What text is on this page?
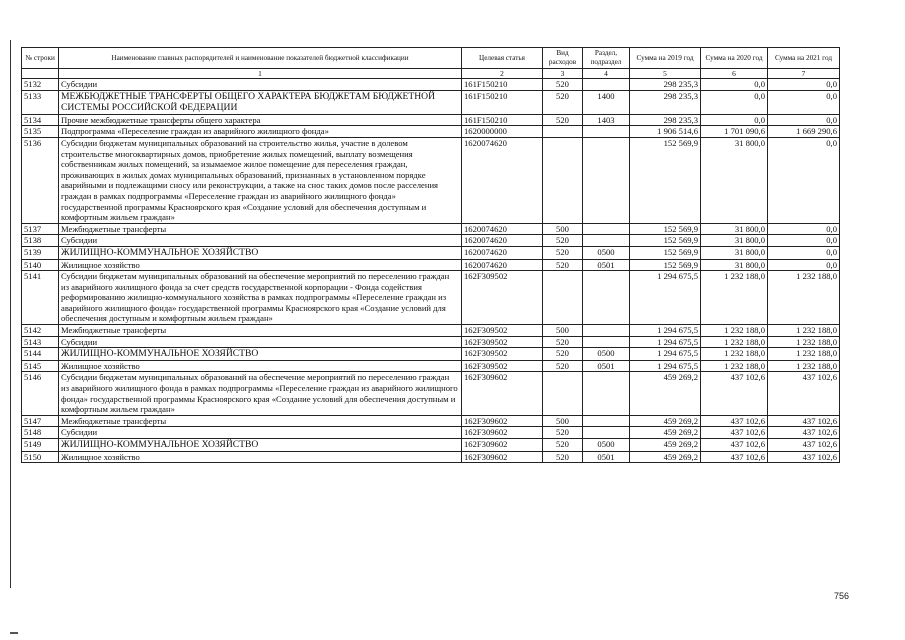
№ строки	Наименование главных распорядителей и наименование показателей бюджетной классификации	Целевая статья	Вид расходов	Раздел, подраздел	Сумма на 2019 год	Сумма на 2020 год	Сумма на 2021 год
	1	2	3	4	5	6	7
5132	Субсидии	161F150210	520		298 235,3	0,0	0,0
5133	МЕЖБЮДЖЕТНЫЕ ТРАНСФЕРТЫ ОБЩЕГО ХАРАКТЕРА БЮДЖЕТАМ БЮДЖЕТНОЙ СИСТЕМЫ РОССИЙСКОЙ ФЕДЕРАЦИИ	161F150210	520	1400	298 235,3	0,0	0,0
5134	Прочие межбюджетные трансферты общего характера	161F150210	520	1403	298 235,3	0,0	0,0
5135	Подпрограмма «Переселение граждан из аварийного жилищного фонда»	1620000000			1 906 514,6	1 701 090,6	1 669 290,6
5136	Субсидии бюджетам муниципальных образований на строительство жилья, участие в долевом строительстве многоквартирных домов, приобретение жилых помещений, выплату возмещения собственникам жилых помещений, за изымаемое жилое помещение для переселения граждан, проживающих в жилых домах муниципальных образований, признанных в установленном порядке аварийными и подлежащими сносу или реконструкции, а также на снос таких домов после расселения граждан в рамках подпрограммы «Переселение граждан из аварийного жилищного фонда» государственной программы Красноярского края «Создание условий для обеспечения доступным и комфортным жильем граждан»	1620074620			152 569,9	31 800,0	0,0
5137	Межбюджетные трансферты	1620074620	500		152 569,9	31 800,0	0,0
5138	Субсидии	1620074620	520		152 569,9	31 800,0	0,0
5139	ЖИЛИЩНО-КОММУНАЛЬНОЕ ХОЗЯЙСТВО	1620074620	520	0500	152 569,9	31 800,0	0,0
5140	Жилищное хозяйство	1620074620	520	0501	152 569,9	31 800,0	0,0
5141	Субсидии бюджетам муниципальных образований на обеспечение мероприятий по переселению граждан из аварийного жилищного фонда за счет средств государственной корпорации - Фонда содействия реформированию жилищно-коммунального хозяйства в рамках подпрограммы «Переселение граждан из аварийного жилищного фонда» государственной программы Красноярского края «Создание условий для обеспечения доступным и комфортным жильем граждан»	162F309502			1 294 675,5	1 232 188,0	1 232 188,0
5142	Межбюджетные трансферты	162F309502	500		1 294 675,5	1 232 188,0	1 232 188,0
5143	Субсидии	162F309502	520		1 294 675,5	1 232 188,0	1 232 188,0
5144	ЖИЛИЩНО-КОММУНАЛЬНОЕ ХОЗЯЙСТВО	162F309502	520	0500	1 294 675,5	1 232 188,0	1 232 188,0
5145	Жилищное хозяйство	162F309502	520	0501	1 294 675,5	1 232 188,0	1 232 188,0
5146	Субсидии бюджетам муниципальных образований на обеспечение мероприятий по переселению граждан из аварийного жилищного фонда в рамках подпрограммы «Переселение граждан из аварийного жилищного фонда» государственной программы Красноярского края «Создание условий для обеспечения доступным и комфортным жильем граждан»	162F309602			459 269,2	437 102,6	437 102,6
5147	Межбюджетные трансферты	162F309602	500		459 269,2	437 102,6	437 102,6
5148	Субсидии	162F309602	520		459 269,2	437 102,6	437 102,6
5149	ЖИЛИЩНО-КОММУНАЛЬНОЕ ХОЗЯЙСТВО	162F309602	520	0500	459 269,2	437 102,6	437 102,6
5150	Жилищное хозяйство	162F309602	520	0501	459 269,2	437 102,6	437 102,6
756
